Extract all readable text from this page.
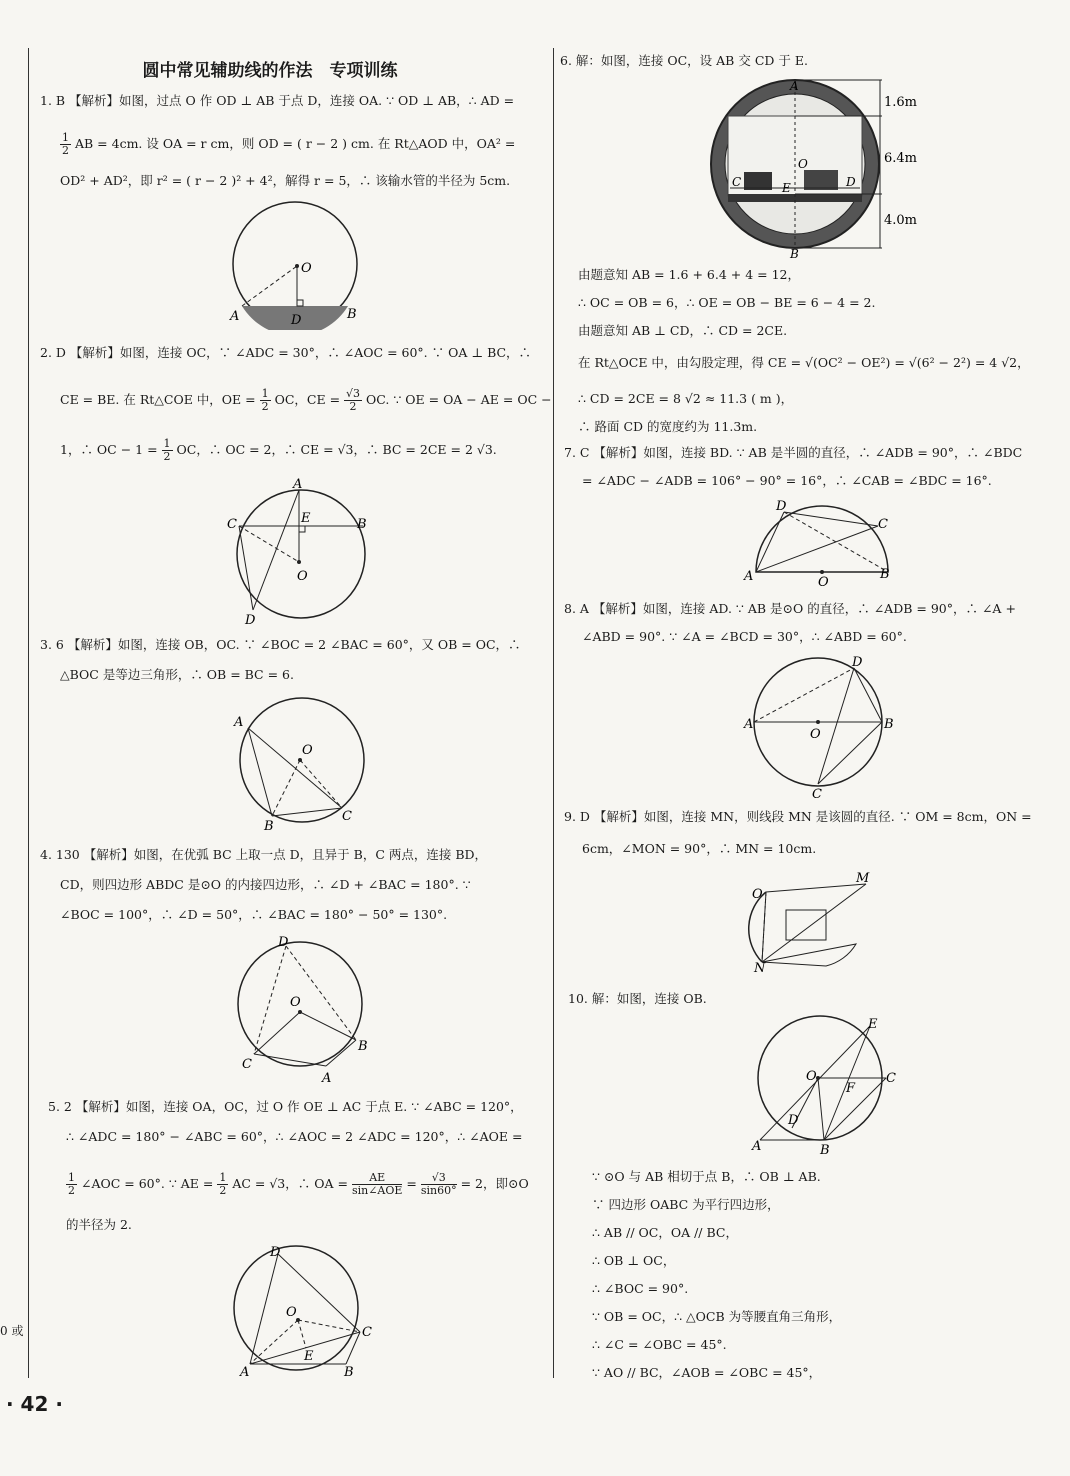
圆中常见辅助线的作法　专项训练
1. B 【解析】如图，过点 O 作 OD ⊥ AB 于点 D，连接 OA. ∵ OD ⊥ AB，∴ AD =
$\frac{1}{2}$ AB = 4cm. 设 OA = r cm，则 OD = ( r − 2 ) cm. 在 Rt△AOD 中，OA² =
OD² + AD²，即 r² = ( r − 2 )² + 4²，解得 r = 5，∴ 该输水管的半径为 5cm.
O
A	D	B
2. D 【解析】如图，连接 OC，∵ ∠ADC = 30°，∴ ∠AOC = 60°. ∵ OA ⊥ BC，∴
CE = BE. 在 Rt△COE 中，OE = $\frac{1}{2}$ OC，CE = $\frac{√3}{2}$ OC. ∵ OE = OA − AE = OC −
1，∴ OC − $1 = \frac{1}{2}$ OC，∴ OC = 2，∴ CE = √3，∴ BC = 2CE = 2 √3.
A
C	E	B
O
D
3. 6 【解析】如图，连接 OB，OC. ∵ ∠BOC = 2 ∠BAC = 60°，又 OB = OC，∴
△BOC 是等边三角形，∴ OB = BC = 6.
A
O
B
C
4. 130 【解析】如图，在优弧 BC 上取一点 D，且异于 B，C 两点，连接 BD，
CD，则四边形 ABDC 是⊙O 的内接四边形，∴ ∠D + ∠BAC = 180°. ∵
∠BOC = 100°，∴ ∠D = 50°，∴ ∠BAC = 180° − 50° = 130°.
D
O
C
A
B
5. 2 【解析】如图，连接 OA，OC，过 O 作 OE ⊥ AC 于点 E. ∵ ∠ABC = 120°，
∴ ∠ADC = 180° − ∠ABC = 60°，∴ ∠AOC = 2 ∠ADC = 120°，∴ ∠AOE =
$\frac{1}{2}$ ∠AOC = 60°. ∵ AE = $\frac{1}{2}$ AC = √3，∴ OA = $\frac{AE}{\text{sin∠AOE}} = \frac{√3}{\sin 60^\circ} = 2$，即⊙O
的半径为 2.
D
O
C
E
A	B
0 或
· 42 ·
6. 解：如图，连接 OC，设 AB 交 CD 于 E.
A
O
C	E	D
B
1.6m
6.4m
4.0m
由题意知 AB = 1.6 + 6.4 + 4 = 12，
∴ OC = OB = 6，∴ OE = OB − BE = 6 − 4 = 2.
由题意知 AB ⊥ CD，∴ CD = 2CE.
在 Rt△OCE 中，由勾股定理，得 CE = √(OC² − OE²) = √(6² − 2²) = 4 √2，
∴ CD = 2CE = 8 √2 ≈ 11.3 ( m )，
∴ 路面 CD 的宽度约为 11.3m.
7. C 【解析】如图，连接 BD. ∵ AB 是半圆的直径，∴ ∠ADB = 90°，∴ ∠BDC
= ∠ADC − ∠ADB = 106° − 90° = 16°，∴ ∠CAB = ∠BDC = 16°.
D
C
A	O
B
8. A 【解析】如图，连接 AD. ∵ AB 是⊙O 的直径，∴ ∠ADB = 90°，∴ ∠A +
∠ABD = 90°. ∵ ∠A = ∠BCD = 30°，∴ ∠ABD = 60°.
D
A
O
B
C
9. D 【解析】如图，连接 MN，则线段 MN 是该圆的直径. ∵ OM = 8cm，ON =
6cm，∠MON = 90°，∴ MN = 10cm.
O
M
N
10. 解：如图，连接 OB.
E
O	C
F
D
A	B
∵ ⊙O 与 AB 相切于点 B，∴ OB ⊥ AB.
∵ 四边形 OABC 为平行四边形，
∴ AB // OC，OA // BC，
∴ OB ⊥ OC，
∴ ∠BOC = 90°.
∵ OB = OC，∴ △OCB 为等腰直角三角形，
∴ ∠C = ∠OBC = 45°.
∵ AO // BC，∠AOB = ∠OBC = 45°，
